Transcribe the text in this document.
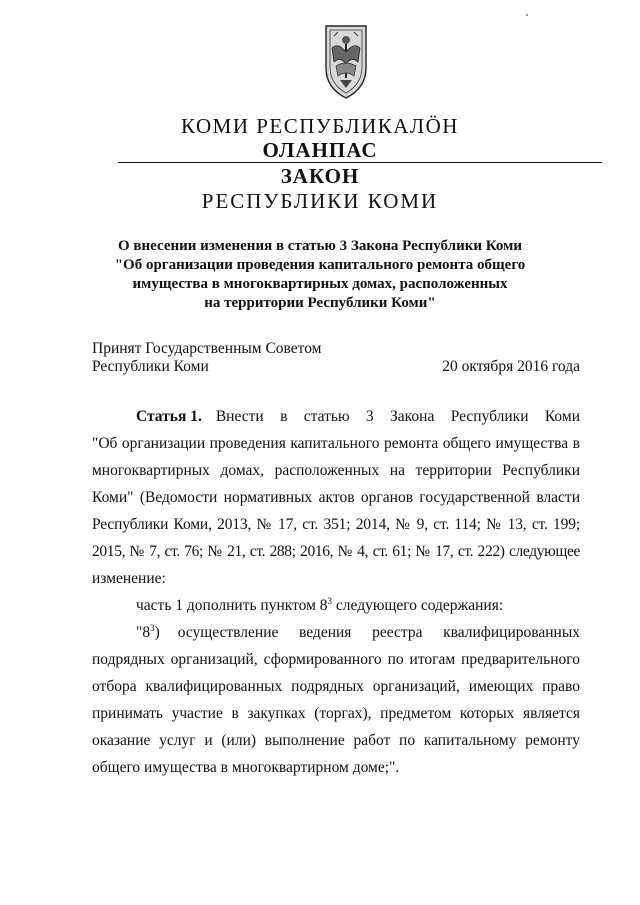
КОМИ РЕСПУБЛИКАЛÖН
ОЛАНПАС
ЗАКОН
РЕСПУБЛИКИ КОМИ
О внесении изменения в статью 3 Закона Республики Коми
"Об организации проведения капитального ремонта общего
имущества в многоквартирных домах, расположенных
на территории Республики Коми"
Принят Государственным Советом
Республики Коми	20 октября 2016 года
Статья 1. Внести в статью 3 Закона Республики Коми
"Об организации проведения капитального ремонта общего имущества в
многоквартирных домах, расположенных на территории Республики
Коми" (Ведомости нормативных актов органов государственной власти
Республики Коми, 2013, № 17, ст. 351; 2014, № 9, ст. 114; № 13, ст. 199;
2015, № 7, ст. 76; № 21, ст. 288; 2016, № 4, ст. 61; № 17, ст. 222) следующее
изменение:
часть 1 дополнить пунктом $8^3$ следующего содержания:
"$8^3$) осуществление ведения реестра квалифицированных
подрядных организаций, сформированного по итогам предварительного
отбора квалифицированных подрядных организаций, имеющих право
принимать участие в закупках (торгах), предметом которых является
оказание услуг и (или) выполнение работ по капитальному ремонту
общего имущества в многоквартирном доме;".
